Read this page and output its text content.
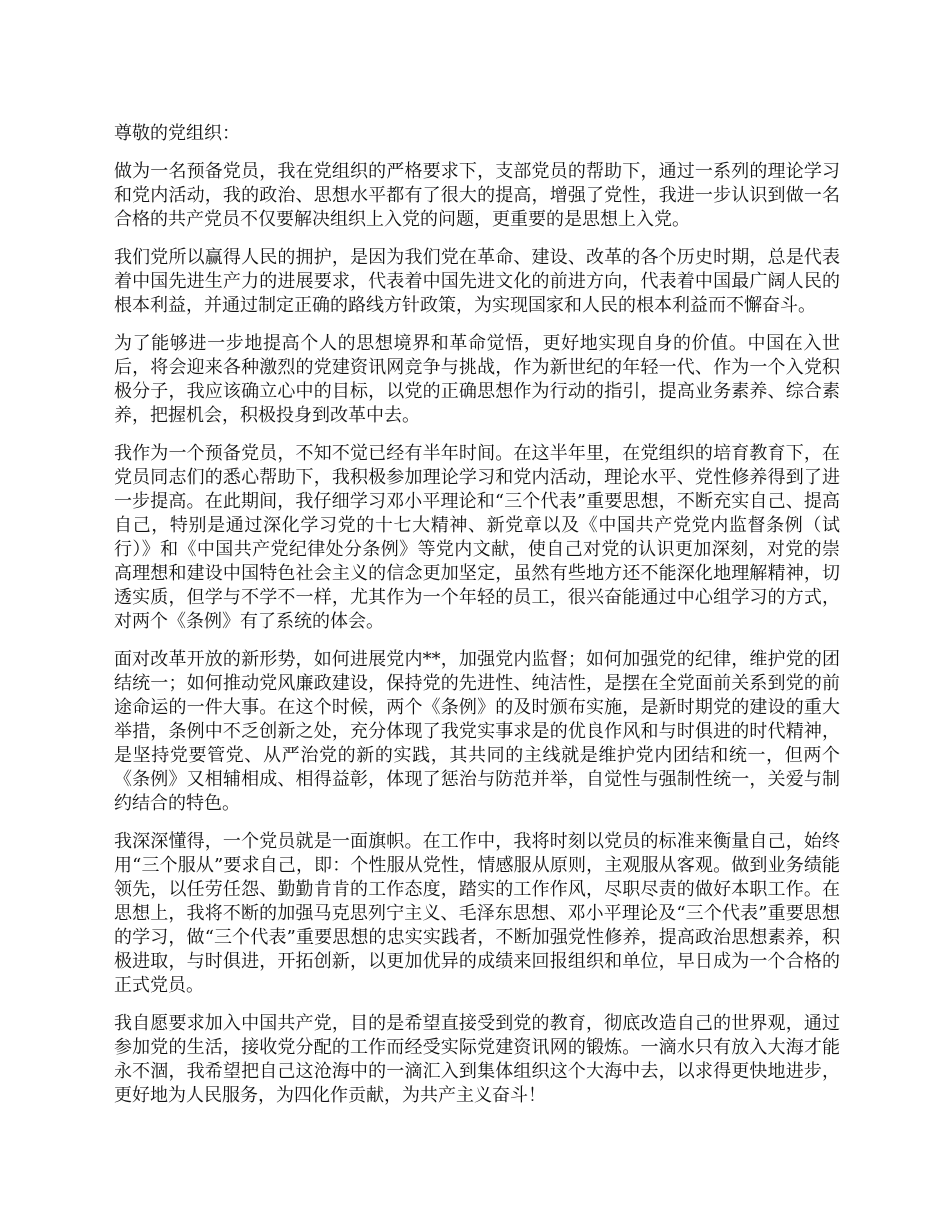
尊敬的党组织：

做为一名预备党员，我在党组织的严格要求下，支部党员的帮助下，通过一系列的理论学习和党内活动，我的政治、思想水平都有了很大的提高，增强了党性，我进一步认识到做一名合格的共产党员不仅要解决组织上入党的问题，更重要的是思想上入党。

我们党所以赢得人民的拥护，是因为我们党在革命、建设、改革的各个历史时期，总是代表着中国先进生产力的进展要求，代表着中国先进文化的前进方向，代表着中国最广阔人民的根本利益，并通过制定正确的路线方针政策，为实现国家和人民的根本利益而不懈奋斗。

为了能够进一步地提高个人的思想境界和革命觉悟，更好地实现自身的价值。中国在入世后，将会迎来各种激烈的党建资讯网竞争与挑战，作为新世纪的年轻一代、作为一个入党积极分子，我应该确立心中的目标，以党的正确思想作为行动的指引，提高业务素养、综合素养，把握机会，积极投身到改革中去。

我作为一个预备党员，不知不觉已经有半年时间。在这半年里，在党组织的培育教育下，在党员同志们的悉心帮助下，我积极参加理论学习和党内活动，理论水平、党性修养得到了进一步提高。在此期间，我仔细学习邓小平理论和“三个代表”重要思想，不断充实自己、提高自己，特别是通过深化学习党的十七大精神、新党章以及《中国共产党党内监督条例（试行）》和《中国共产党纪律处分条例》等党内文献，使自己对党的认识更加深刻，对党的崇高理想和建设中国特色社会主义的信念更加坚定，虽然有些地方还不能深化地理解精神，切透实质，但学与不学不一样，尤其作为一个年轻的员工，很兴奋能通过中心组学习的方式，对两个《条例》有了系统的体会。

面对改革开放的新形势，如何进展党内**，加强党内监督；如何加强党的纪律，维护党的团结统一；如何推动党风廉政建设，保持党的先进性、纯洁性，是摆在全党面前关系到党的前途命运的一件大事。在这个时候，两个《条例》的及时颁布实施，是新时期党的建设的重大举措，条例中不乏创新之处，充分体现了我党实事求是的优良作风和与时俱进的时代精神，是坚持党要管党、从严治党的新的实践，其共同的主线就是维护党内团结和统一，但两个《条例》又相辅相成、相得益彰，体现了惩治与防范并举，自觉性与强制性统一，关爱与制约结合的特色。

我深深懂得，一个党员就是一面旗帜。在工作中，我将时刻以党员的标准来衡量自己，始终用“三个服从”要求自己，即：个性服从党性，情感服从原则，主观服从客观。做到业务绩能领先，以任劳任怨、勤勤肯肯的工作态度，踏实的工作作风，尽职尽责的做好本职工作。在思想上，我将不断的加强马克思列宁主义、毛泽东思想、邓小平理论及“三个代表”重要思想的学习，做“三个代表”重要思想的忠实实践者，不断加强党性修养，提高政治思想素养，积极进取，与时俱进，开拓创新，以更加优异的成绩来回报组织和单位，早日成为一个合格的正式党员。

我自愿要求加入中国共产党，目的是希望直接受到党的教育，彻底改造自己的世界观，通过参加党的生活，接收党分配的工作而经受实际党建资讯网的锻炼。一滴水只有放入大海才能永不涸，我希望把自己这沧海中的一滴汇入到集体组织这个大海中去，以求得更快地进步，更好地为人民服务，为四化作贡献，为共产主义奋斗！
